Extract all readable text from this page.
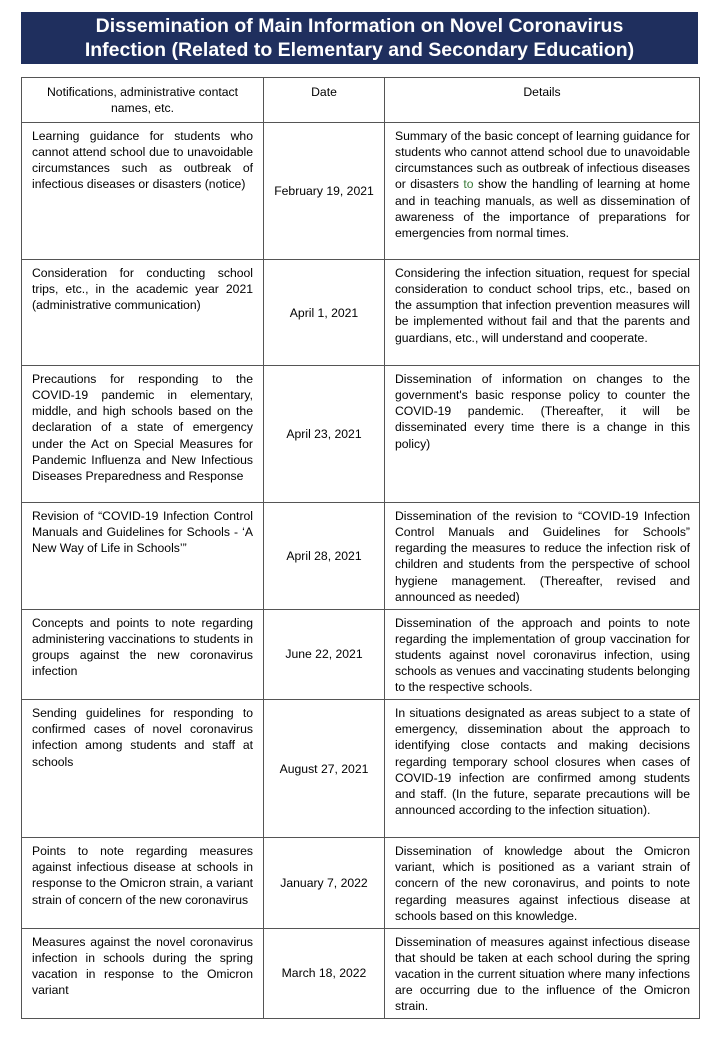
Dissemination of Main Information on Novel Coronavirus
Infection (Related to Elementary and Secondary Education)
Notifications, administrative contact names, etc.	Date	Details
Learning guidance for students who cannot attend school due to unavoidable circumstances such as outbreak of infectious diseases or disasters (notice)	February 19, 2021	Summary of the basic concept of learning guidance for students who cannot attend school due to unavoidable circumstances such as outbreak of infectious diseases or disasters to show the handling of learning at home and in teaching manuals, as well as dissemination of awareness of the importance of preparations for emergencies from normal times.
Consideration for conducting school trips, etc., in the academic year 2021 (administrative communication)	April 1, 2021	Considering the infection situation, request for special consideration to conduct school trips, etc., based on the assumption that infection prevention measures will be implemented without fail and that the parents and guardians, etc., will understand and cooperate.
Precautions for responding to the COVID-19 pandemic in elementary, middle, and high schools based on the declaration of a state of emergency under the Act on Special Measures for Pandemic Influenza and New Infectious Diseases Preparedness and Response	April 23, 2021	Dissemination of information on changes to the government's basic response policy to counter the COVID-19 pandemic. (Thereafter, it will be disseminated every time there is a change in this policy)
Revision of “COVID-19 Infection Control Manuals and Guidelines for Schools - ‘A New Way of Life in Schools’”	April 28, 2021	Dissemination of the revision to “COVID-19 Infection Control Manuals and Guidelines for Schools” regarding the measures to reduce the infection risk of children and students from the perspective of school hygiene management. (Thereafter, revised and announced as needed)
Concepts and points to note regarding administering vaccinations to students in groups against the new coronavirus infection	June 22, 2021	Dissemination of the approach and points to note regarding the implementation of group vaccination for students against novel coronavirus infection, using schools as venues and vaccinating students belonging to the respective schools.
Sending guidelines for responding to confirmed cases of novel coronavirus infection among students and staff at schools	August 27, 2021	In situations designated as areas subject to a state of emergency, dissemination about the approach to identifying close contacts and making decisions regarding temporary school closures when cases of COVID-19 infection are confirmed among students and staff. (In the future, separate precautions will be announced according to the infection situation).
Points to note regarding measures against infectious disease at schools in response to the Omicron strain, a variant strain of concern of the new coronavirus	January 7, 2022	Dissemination of knowledge about the Omicron variant, which is positioned as a variant strain of concern of the new coronavirus, and points to note regarding measures against infectious disease at schools based on this knowledge.
Measures against the novel coronavirus infection in schools during the spring vacation in response to the Omicron variant	March 18, 2022	Dissemination of measures against infectious disease that should be taken at each school during the spring vacation in the current situation where many infections are occurring due to the influence of the Omicron strain.
